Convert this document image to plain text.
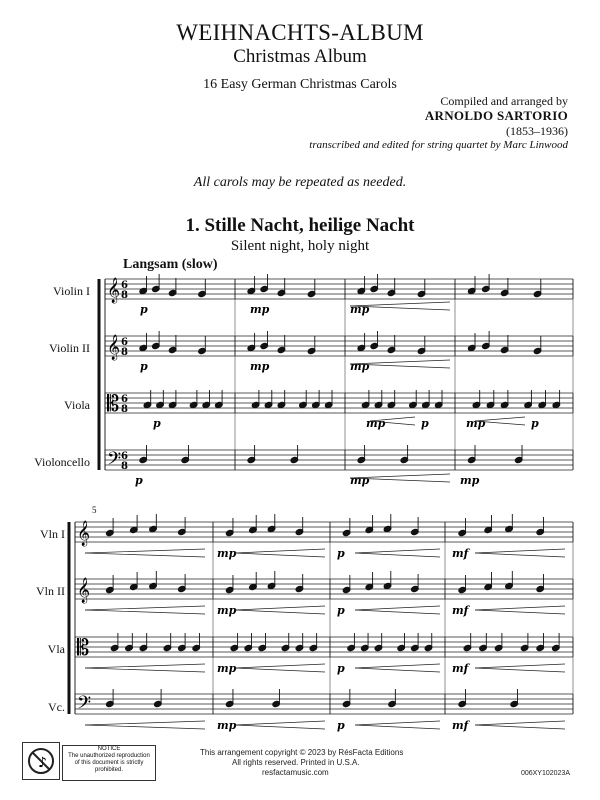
WEIHNACHTS-ALBUM
Christmas Album
16 Easy German Christmas Carols
Compiled and arranged by
ARNOLDO SARTORIO
(1853–1936)
transcribed and edited for string quartet by Marc Linwood
All carols may be repeated as needed.
1. Stille Nacht, heilige Nacht
Silent night, holy night
Langsam (slow)
Violin I
Violin II
Viola
Violoncello
Vln I
Vln II
Vla
Vc.
5
𝄞 6
8
𝄞 6
8
𝄡 6
8
𝄢 6
8
p	mp	mp
p	mp	mp
p	mp	p	mp	p
p	mp	mp
𝄞
𝄞
𝄡
𝄢
mp	p	mf
mp	p	mf
mp	p	mf
mp	p	mf
♪
NOTICE
The unauthorized reproduction
of this document is strictly
prohibited.
This arrangement copyright © 2023 by RésFacta Editions
All rights reserved. Printed in U.S.A.
resfactamusic.com	006XY102023A
